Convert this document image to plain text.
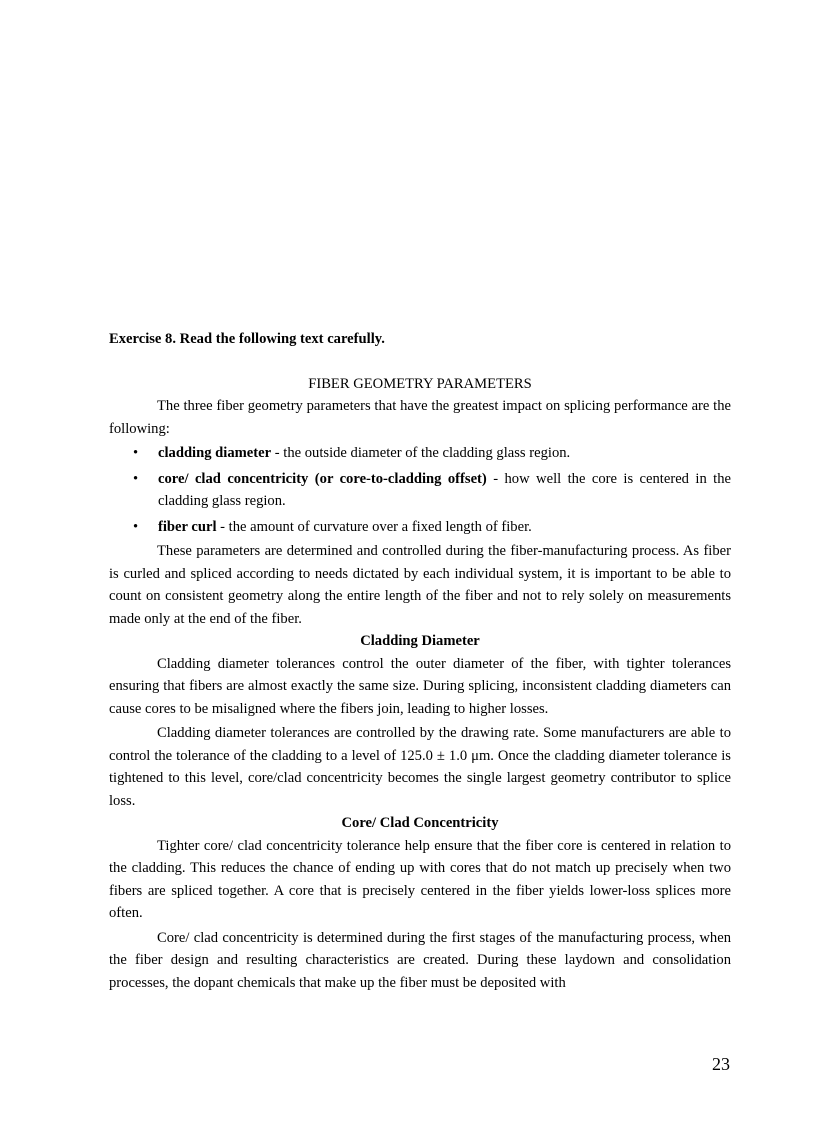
Exercise 8. Read the following text carefully.

FIBER GEOMETRY PARAMETERS

The three fiber geometry parameters that have the greatest impact on splicing performance are the following:

• cladding diameter - the outside diameter of the cladding glass region.
• core/ clad concentricity (or core-to-cladding offset) - how well the core is centered in the cladding glass region.
• fiber curl - the amount of curvature over a fixed length of fiber.

These parameters are determined and controlled during the fiber-manufacturing process. As fiber is curled and spliced according to needs dictated by each individual system, it is important to be able to count on consistent geometry along the entire length of the fiber and not to rely solely on measurements made only at the end of the fiber.

Cladding Diameter

Cladding diameter tolerances control the outer diameter of the fiber, with tighter tolerances ensuring that fibers are almost exactly the same size. During splicing, inconsistent cladding diameters can cause cores to be misaligned where the fibers join, leading to higher losses.

Cladding diameter tolerances are controlled by the drawing rate. Some manufacturers are able to control the tolerance of the cladding to a level of 125.0 ± 1.0 μm. Once the cladding diameter tolerance is tightened to this level, core/clad concentricity becomes the single largest geometry contributor to splice loss.

Core/ Clad Concentricity

Tighter core/ clad concentricity tolerance help ensure that the fiber core is centered in relation to the cladding. This reduces the chance of ending up with cores that do not match up precisely when two fibers are spliced together. A core that is precisely centered in the fiber yields lower-loss splices more often.

Core/ clad concentricity is determined during the first stages of the manufacturing process, when the fiber design and resulting characteristics are created. During these laydown and consolidation processes, the dopant chemicals that make up the fiber must be deposited with

23
